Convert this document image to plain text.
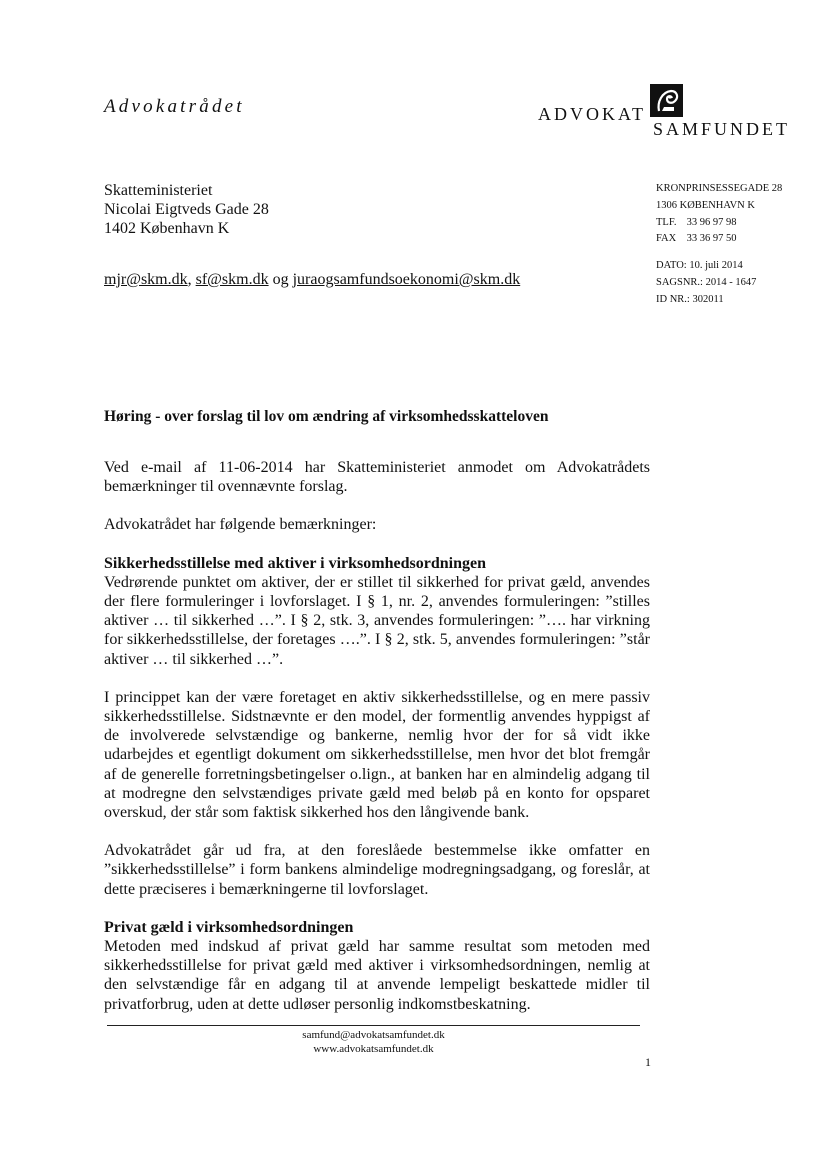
Advokatrådet	ADVOKAT
SAMFUNDET
Skatteministeriet
Nicolai Eigtveds Gade 28
1402 København K
mjr@skm.dk, sf@skm.dk og juraogsamfundsoekonomi@skm.dk
KRONPRINSESSEGADE 28
1306 KØBENHAVN K
TLF. 33 96 97 98
FAX 33 36 97 50
DATO: 10. juli 2014
SAGSNR.: 2014 - 1647
ID NR.: 302011
Høring - over forslag til lov om ændring af virksomhedsskatteloven

Ved e-mail af 11-06-2014 har Skatteministeriet anmodet om Advokatrådets bemærkninger til ovennævnte forslag.

Advokatrådet har følgende bemærkninger:

Sikkerhedsstillelse med aktiver i virksomhedsordningen

Vedrørende punktet om aktiver, der er stillet til sikkerhed for privat gæld, anvendes der flere formuleringer i lovforslaget. I § 1, nr. 2, anvendes formuleringen: ”stilles aktiver … til sikkerhed …”. I § 2, stk. 3, anvendes formuleringen: ”…. har virkning for sikkerhedsstillelse, der foretages ….”. I § 2, stk. 5, anvendes formuleringen: ”står aktiver … til sikkerhed …”.

I princippet kan der være foretaget en aktiv sikkerhedsstillelse, og en mere passiv sikkerhedsstillelse. Sidstnævnte er den model, der formentlig anvendes hyppigst af de involverede selvstændige og bankerne, nemlig hvor der for så vidt ikke udarbejdes et egentligt dokument om sikkerhedsstillelse, men hvor det blot fremgår af de generelle forretningsbetingelser o.lign., at banken har en almindelig adgang til at modregne den selvstændiges private gæld med beløb på en konto for opsparet overskud, der står som faktisk sikkerhed hos den långivende bank.

Advokatrådet går ud fra, at den foreslåede bestemmelse ikke omfatter en ”sikkerhedsstillelse” i form bankens almindelige modregningsadgang, og foreslår, at dette præciseres i bemærkningerne til lovforslaget.

Privat gæld i virksomhedsordningen

Metoden med indskud af privat gæld har samme resultat som metoden med sikkerhedsstillelse for privat gæld med aktiver i virksomhedsordningen, nemlig at den selvstændige får en adgang til at anvende lempeligt beskattede midler til privatforbrug, uden at dette udløser personlig indkomstbeskatning.

samfund@advokatsamfundet.dk
www.advokatsamfundet.dk
1
